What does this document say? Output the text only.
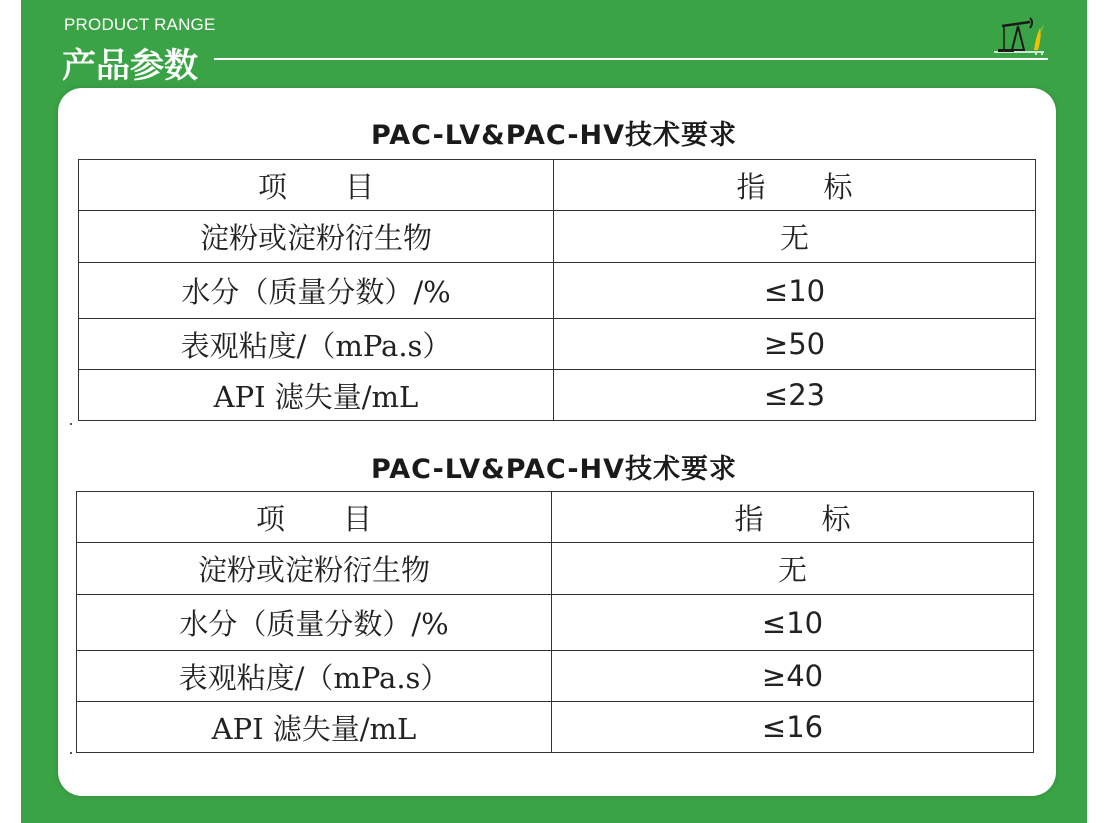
PRODUCT RANGE
产品参数
PAC-LV&PAC-HV技术要求
项　　目	指　　标
淀粉或淀粉衍生物	无
水分（质量分数）/%	≤10
表观粘度/（mPa.s）	≥50
API 滤失量/mL	≤23
PAC-LV&PAC-HV技术要求
项　　目	指　　标
淀粉或淀粉衍生物	无
水分（质量分数）/%	≤10
表观粘度/（mPa.s）	≥40
API 滤失量/mL	≤16
